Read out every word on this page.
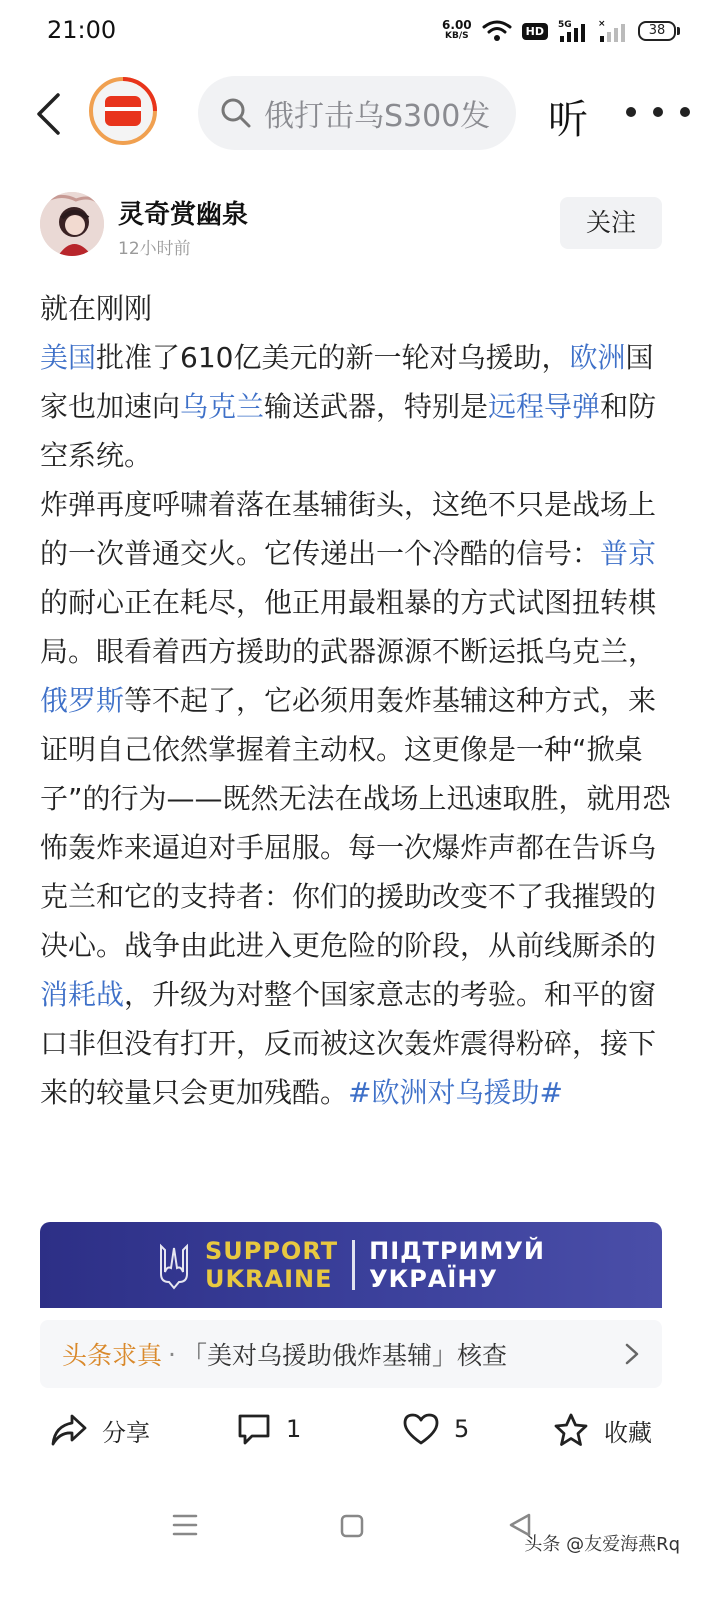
21:00	6.00
KB/S	HD	5G	×	38
俄打击乌S300发 听
灵奇赏幽泉
12小时前
关注

就在刚刚

美国批准了610亿美元的新一轮对乌援助，欧洲国家也加速向乌克兰输送武器，特别是远程导弹和防空系统。

炸弹再度呼啸着落在基辅街头，这绝不只是战场上的一次普通交火。它传递出一个冷酷的信号：普京的耐心正在耗尽，他正用最粗暴的方式试图扭转棋局。眼看着西方援助的武器源源不断运抵乌克兰，俄罗斯等不起了，它必须用轰炸基辅这种方式，来证明自己依然掌握着主动权。这更像是一种“掀桌子”的行为——既然无法在战场上迅速取胜，就用恐怖轰炸来逼迫对手屈服。每一次爆炸声都在告诉乌克兰和它的支持者：你们的援助改变不了我摧毁的决心。战争由此进入更危险的阶段，从前线厮杀的消耗战，升级为对整个国家意志的考验。和平的窗口非但没有打开，反而被这次轰炸震得粉碎，接下来的较量只会更加残酷。#欧洲对乌援助#

SUPPORT
UKRAINE
ПІДТРИМУЙ
УКРАЇНУ
头条求真 · 「美对乌援助俄炸基辅」核查
分享	1	5	收藏
头条 @友爱海燕Rq
